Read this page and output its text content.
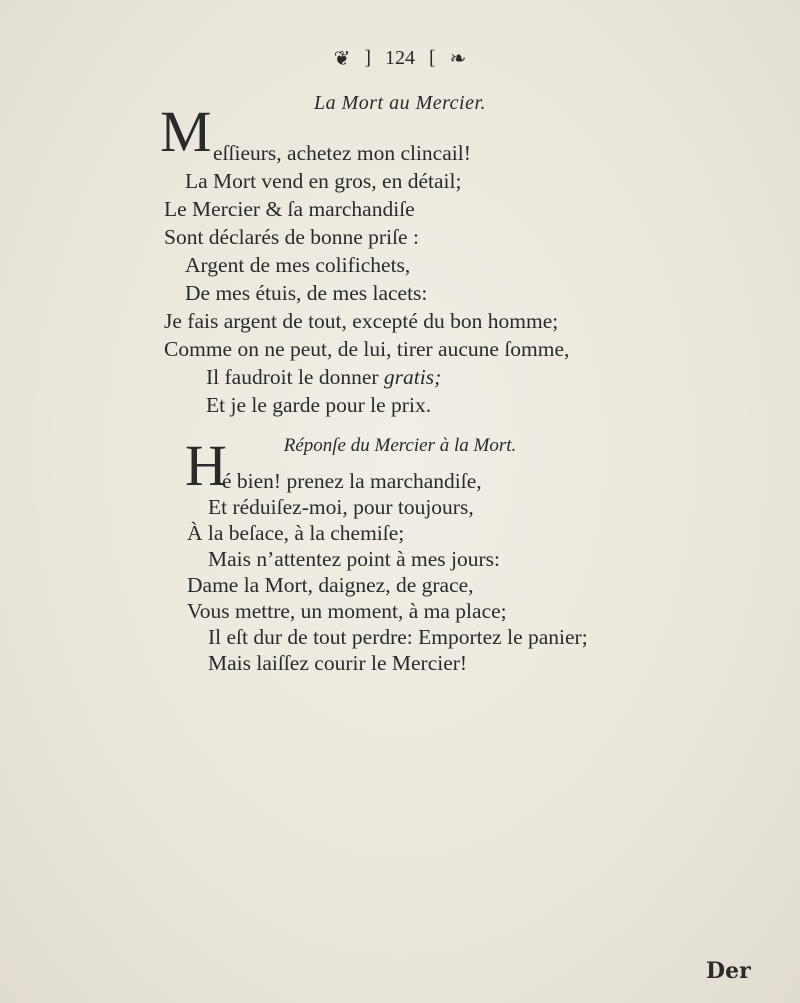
❦ ] 124 [ ❧
La Mort au Mercier.
M eſſieurs, achetez mon clincail!
La Mort vend en gros, en détail;
Le Mercier & ſa marchandiſe
Sont déclarés de bonne priſe :
Argent de mes colifichets,
De mes étuis, de mes lacets:
Je fais argent de tout, excepté du bon homme;
Comme on ne peut, de lui, tirer aucune ſomme,
Il faudroit le donner gratis;
Et je le garde pour le prix.
Réponſe du Mercier à la Mort.
H
é bien! prenez la marchandiſe,
Et réduiſez-moi, pour toujours,
À la beſace, à la chemiſe;
Mais n’attentez point à mes jours:
Dame la Mort, daignez, de grace,
Vous mettre, un moment, à ma place;
Il eſt dur de tout perdre: Emportez le panier;
Mais laiſſez courir le Mercier!
Der
